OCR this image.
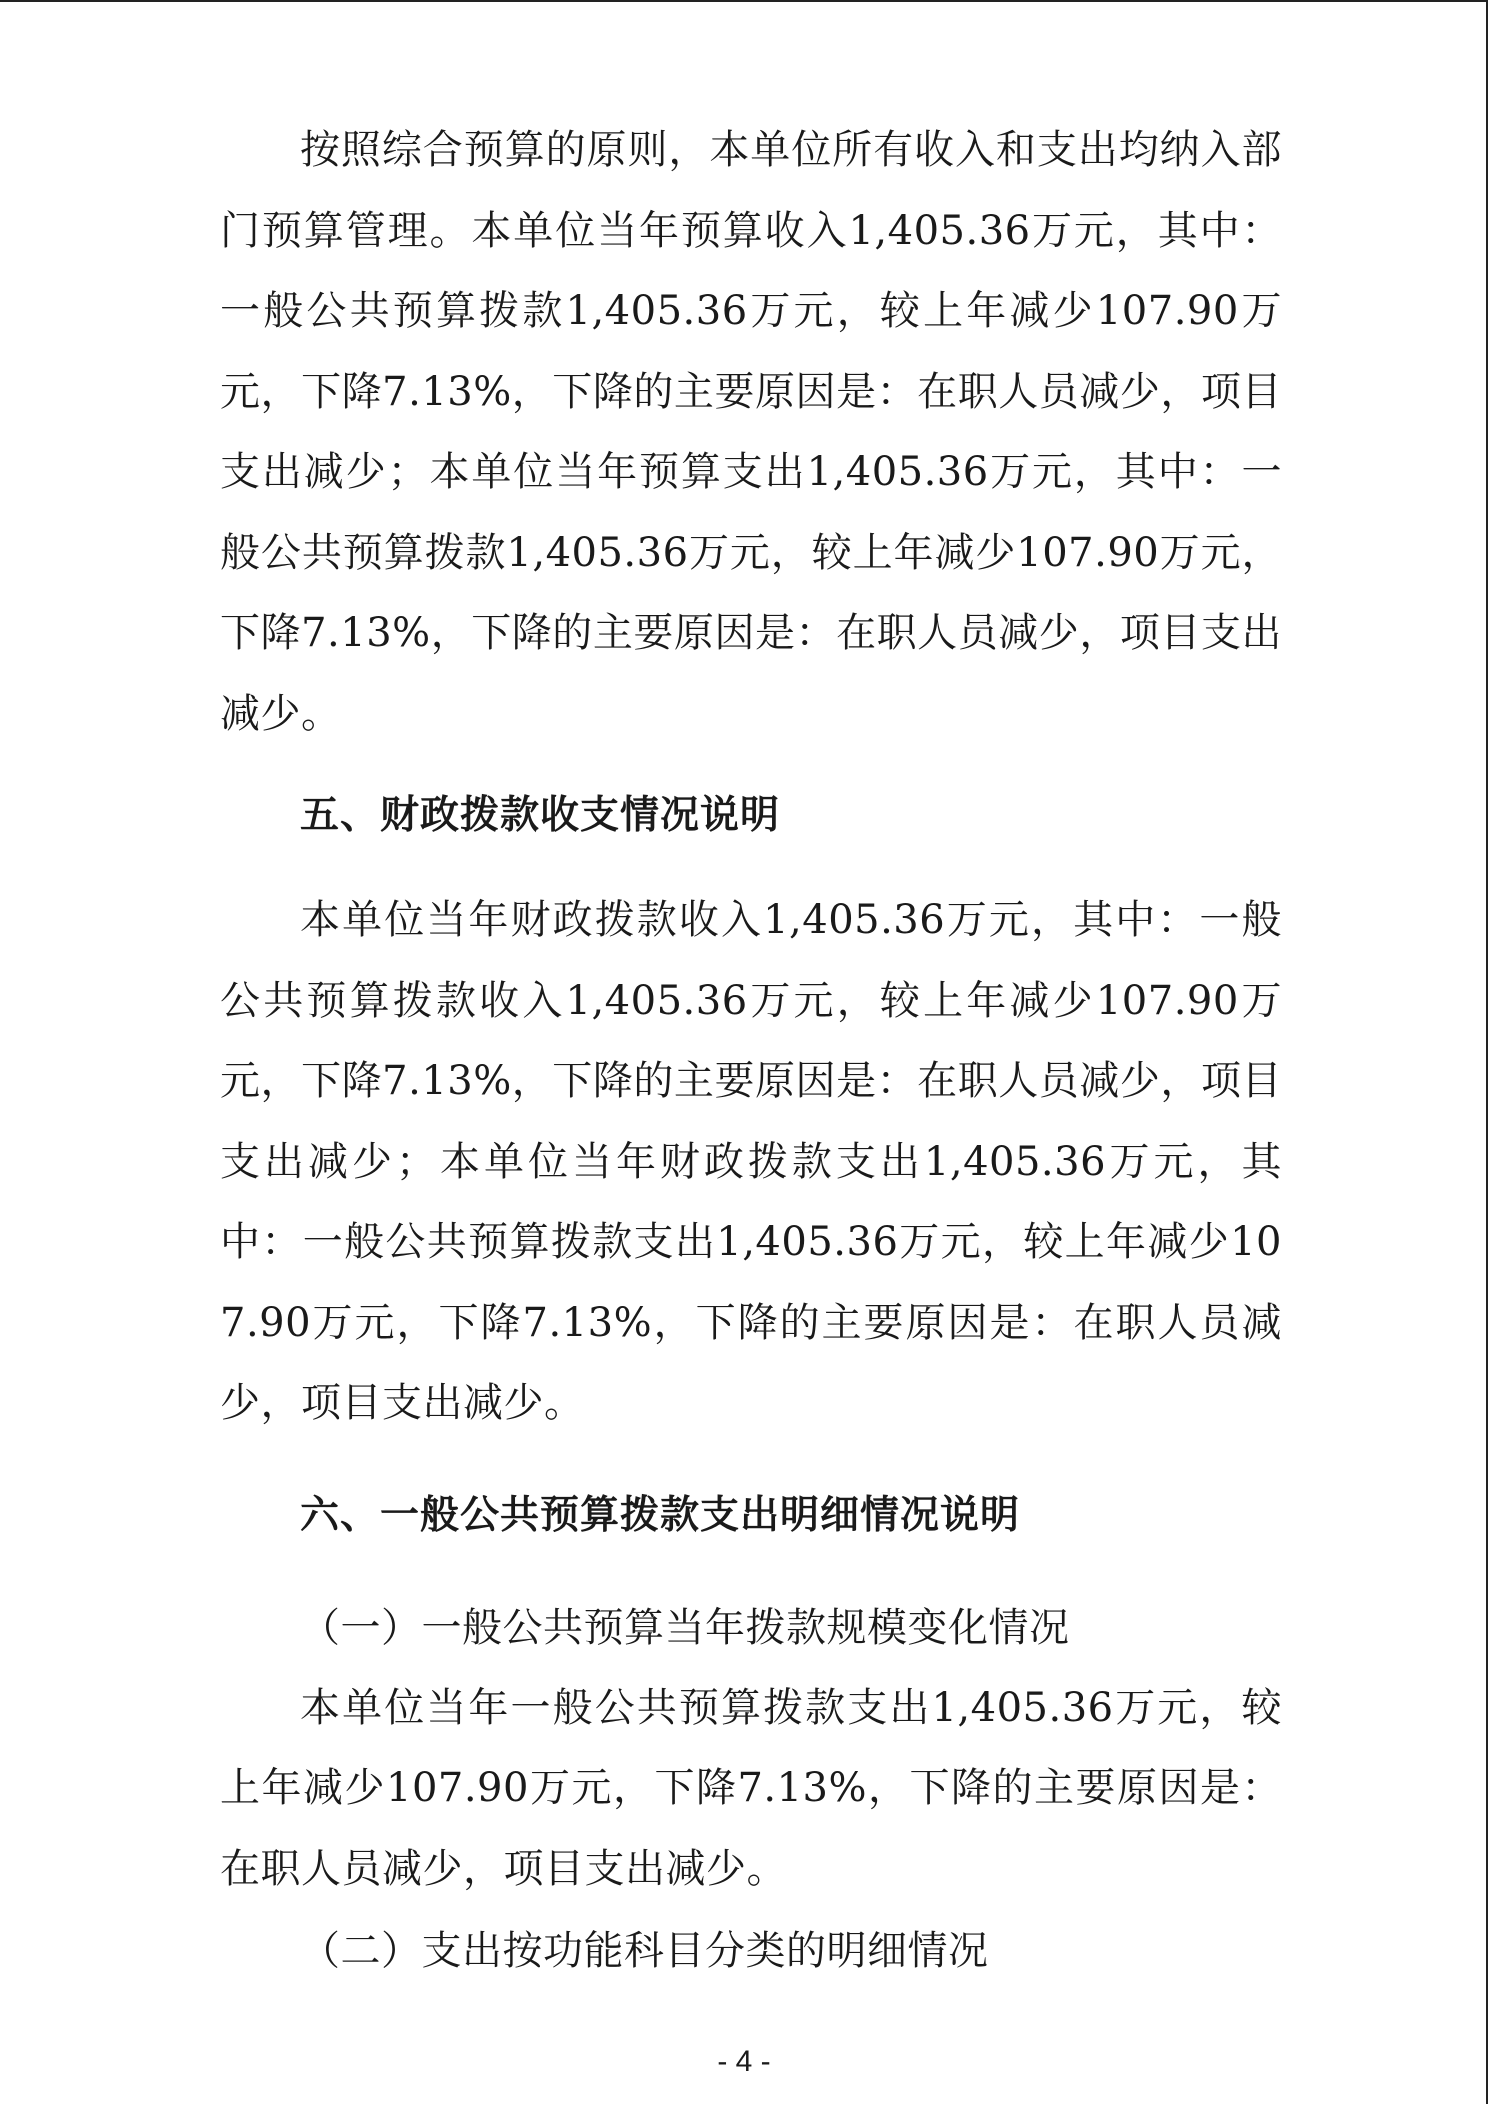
按照综合预算的原则，本单位所有收入和支出均纳入部门预算管理。本单位当年预算收入1,405.36万元，其中：一般公共预算拨款1,405.36万元，较上年减少107.90万元，下降7.13%，下降的主要原因是：在职人员减少，项目支出减少；本单位当年预算支出1,405.36万元，其中：一般公共预算拨款1,405.36万元，较上年减少107.90万元，下降7.13%，下降的主要原因是：在职人员减少，项目支出减少。

五、财政拨款收支情况说明

本单位当年财政拨款收入1,405.36万元，其中：一般公共预算拨款收入1,405.36万元，较上年减少107.90万元，下降7.13%，下降的主要原因是：在职人员减少，项目支出减少；本单位当年财政拨款支出1,405.36万元，其中：一般公共预算拨款支出1,405.36万元，较上年减少107.90万元，下降7.13%，下降的主要原因是：在职人员减少，项目支出减少。

六、一般公共预算拨款支出明细情况说明

（一）一般公共预算当年拨款规模变化情况

本单位当年一般公共预算拨款支出1,405.36万元，较上年减少107.90万元，下降7.13%，下降的主要原因是：在职人员减少，项目支出减少。

（二）支出按功能科目分类的明细情况

- 4 -
